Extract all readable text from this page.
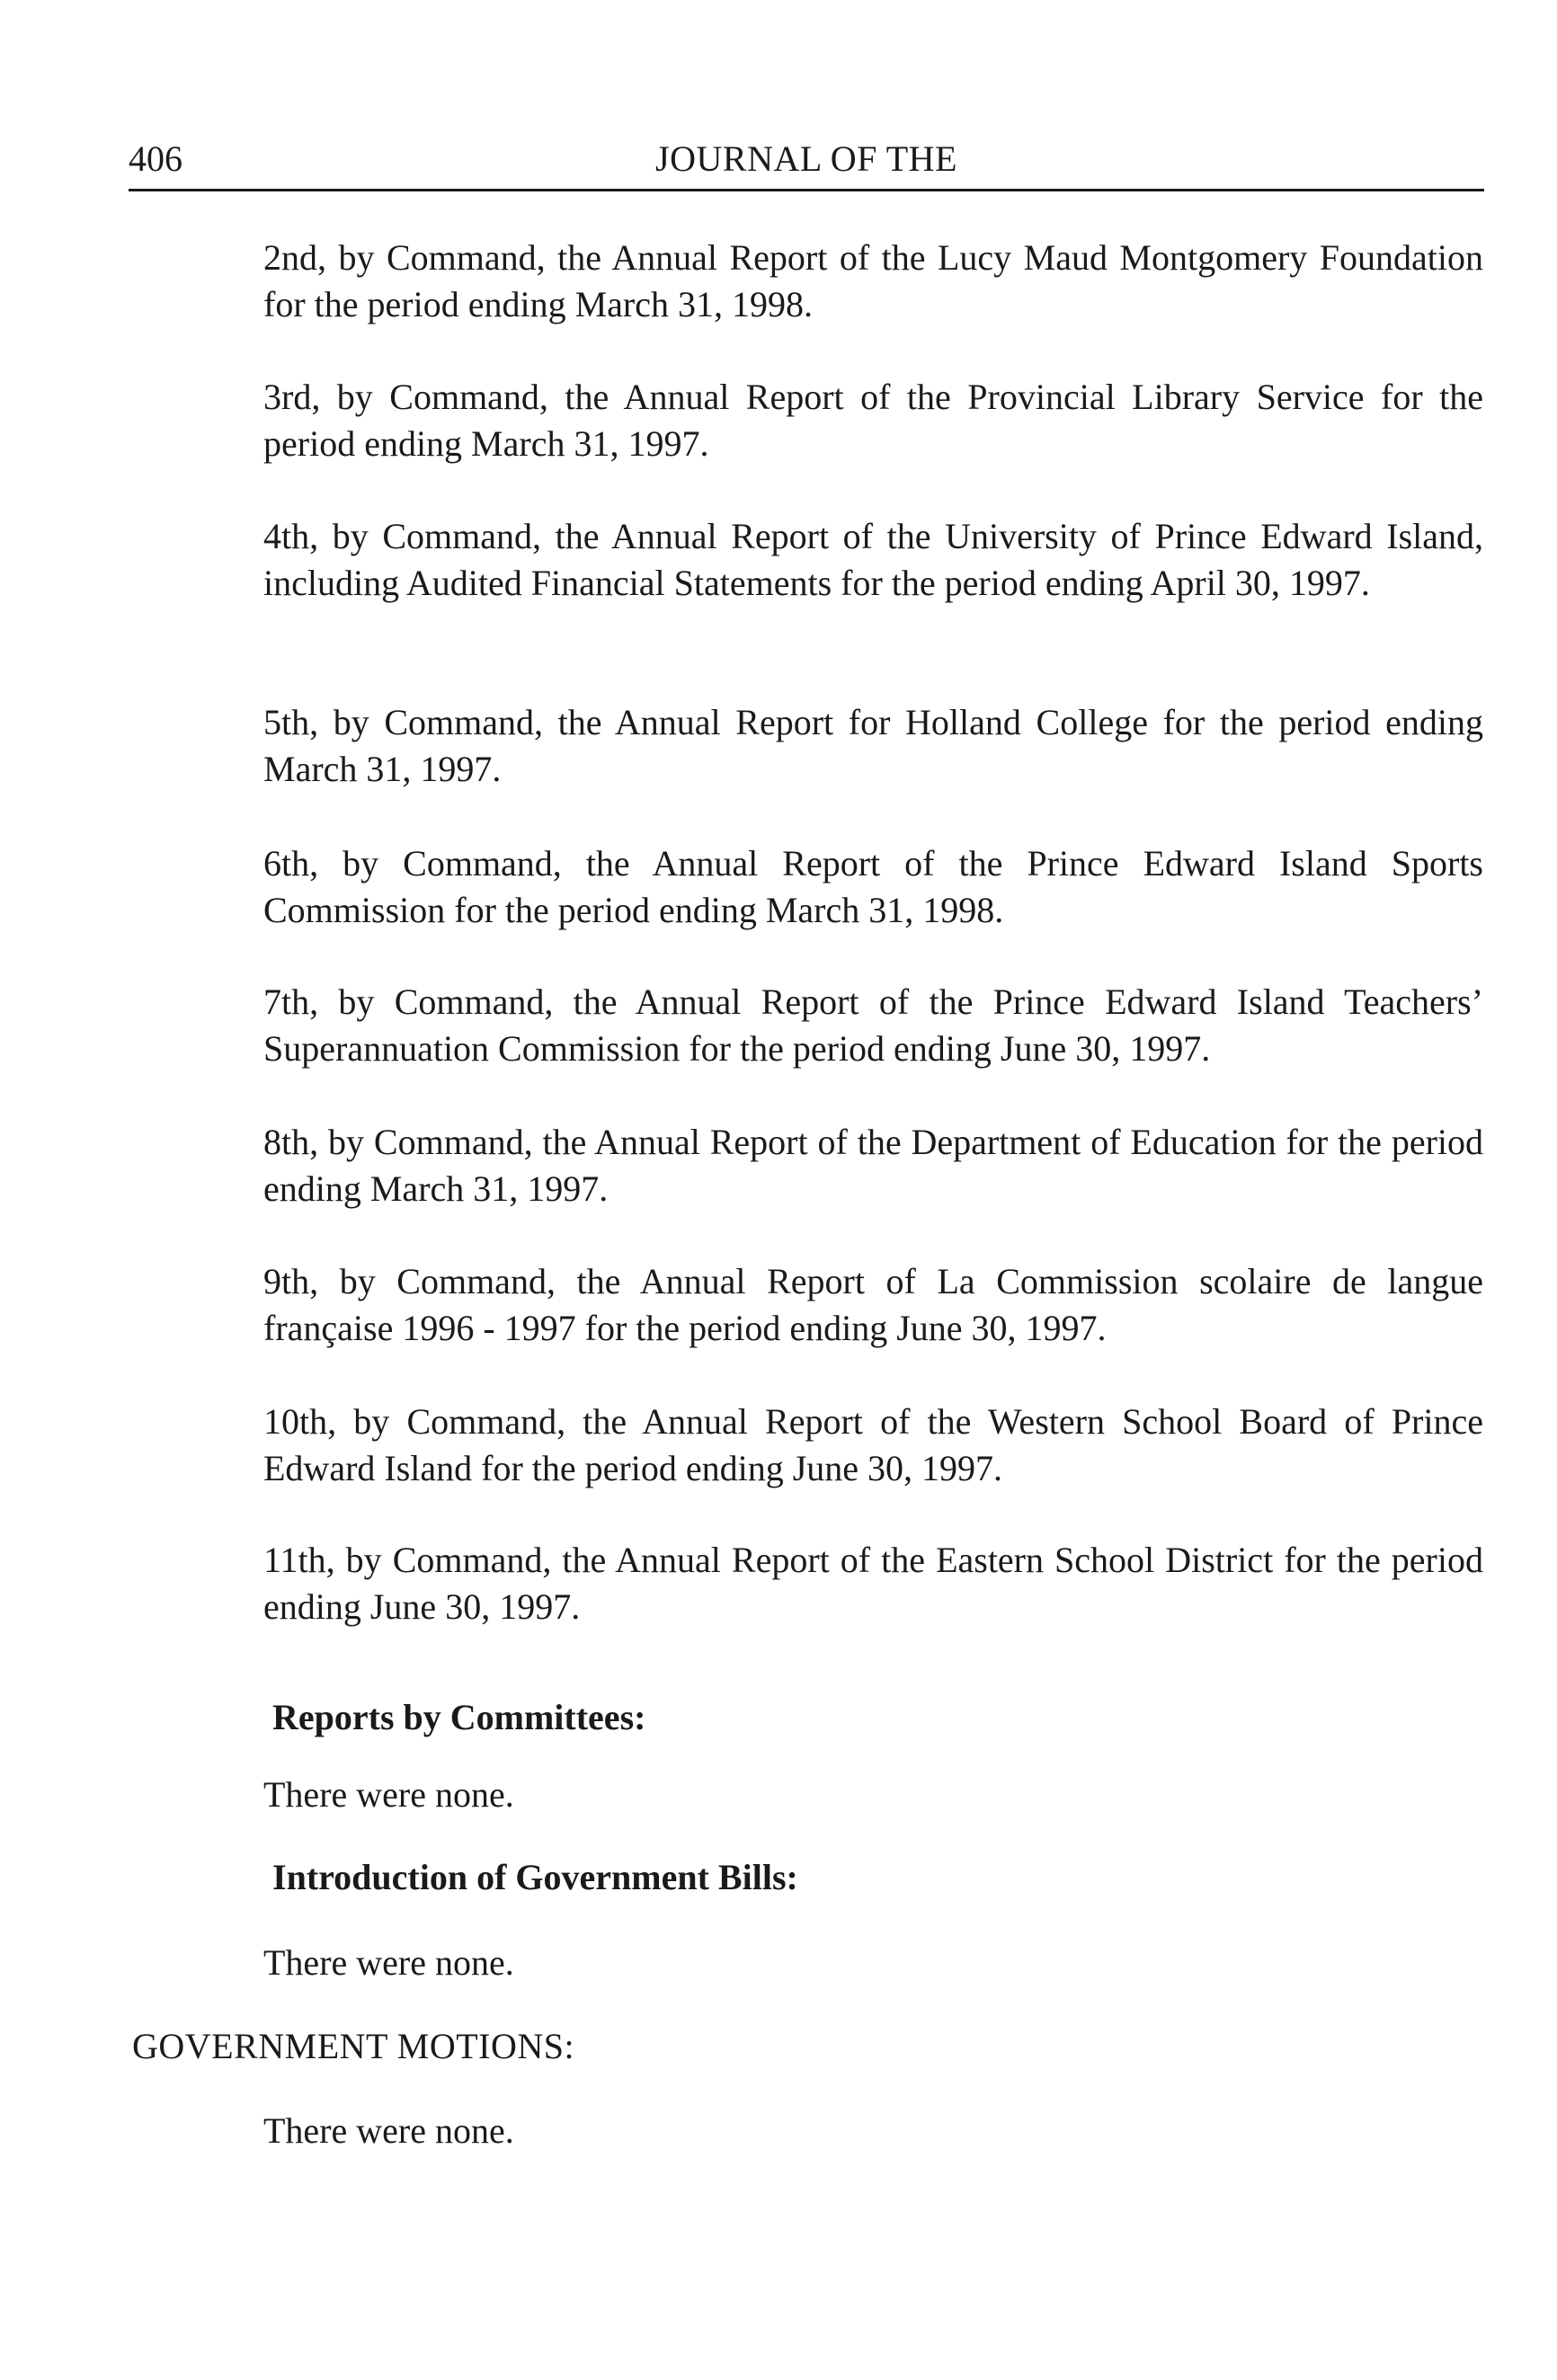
406	JOURNAL OF THE

2nd, by Command, the Annual Report of the Lucy Maud Montgomery Foundation for the period ending March 31, 1998.

3rd, by Command, the Annual Report of the Provincial Library Service for the period ending March 31, 1997.

4th, by Command, the Annual Report of the University of Prince Edward Island, including Audited Financial Statements for the period ending April 30, 1997.

5th, by Command, the Annual Report for Holland College for the period ending March 31, 1997.

6th, by Command, the Annual Report of the Prince Edward Island Sports Commission for the period ending March 31, 1998.

7th, by Command, the Annual Report of the Prince Edward Island Teachers’ Superannuation Commission for the period ending June 30, 1997.

8th, by Command, the Annual Report of the Department of Education for the period ending March 31, 1997.

9th, by Command, the Annual Report of La Commission scolaire de langue française 1996 - 1997 for the period ending June 30, 1997.

10th, by Command, the Annual Report of the Western School Board of Prince Edward Island for the period ending June 30, 1997.

11th, by Command, the Annual Report of the Eastern School District for the period ending June 30, 1997.

Reports by Committees:

There were none.

Introduction of Government Bills:

There were none.

GOVERNMENT MOTIONS:

There were none.
